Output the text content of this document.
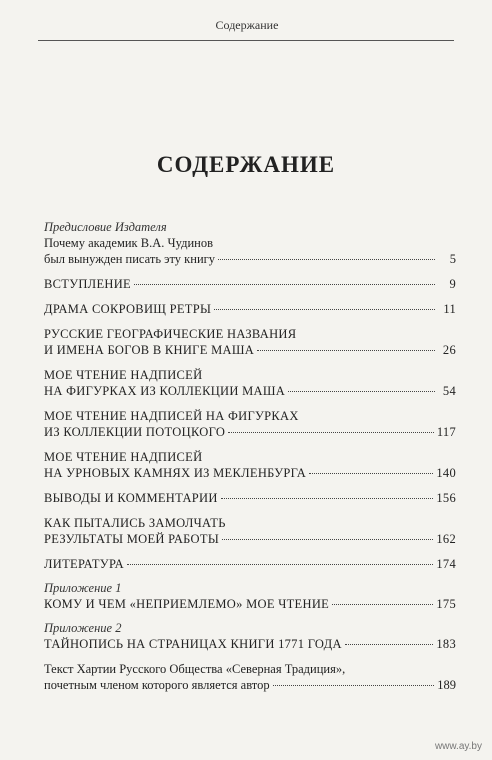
Содержание
СОДЕРЖАНИЕ
Предисловие Издателя
Почему академик В.А. Чудинов
был вынужден писать эту книгу	5
ВСТУПЛЕНИЕ	9
ДРАМА СОКРОВИЩ РЕТРЫ	11
РУССКИЕ ГЕОГРАФИЧЕСКИЕ НАЗВАНИЯ
И ИМЕНА БОГОВ В КНИГЕ МАША	26
МОЕ ЧТЕНИЕ НАДПИСЕЙ
НА ФИГУРКАХ ИЗ КОЛЛЕКЦИИ МАША	54
МОЕ ЧТЕНИЕ НАДПИСЕЙ НА ФИГУРКАХ
ИЗ КОЛЛЕКЦИИ ПОТОЦКОГО	117
МОЕ ЧТЕНИЕ НАДПИСЕЙ
НА УРНОВЫХ КАМНЯХ ИЗ МЕКЛЕНБУРГА	140
ВЫВОДЫ И КОММЕНТАРИИ	156
КАК ПЫТАЛИСЬ ЗАМОЛЧАТЬ
РЕЗУЛЬТАТЫ МОЕЙ РАБОТЫ	162
ЛИТЕРАТУРА	174
Приложение 1
КОМУ И ЧЕМ «НЕПРИЕМЛЕМО» МОЕ ЧТЕНИЕ	175
Приложение 2
ТАЙНОПИСЬ НА СТРАНИЦАХ КНИГИ 1771 ГОДА	183
Текст Хартии Русского Общества «Северная Традиция»,
почетным членом которого является автор	189
www.ay.by
